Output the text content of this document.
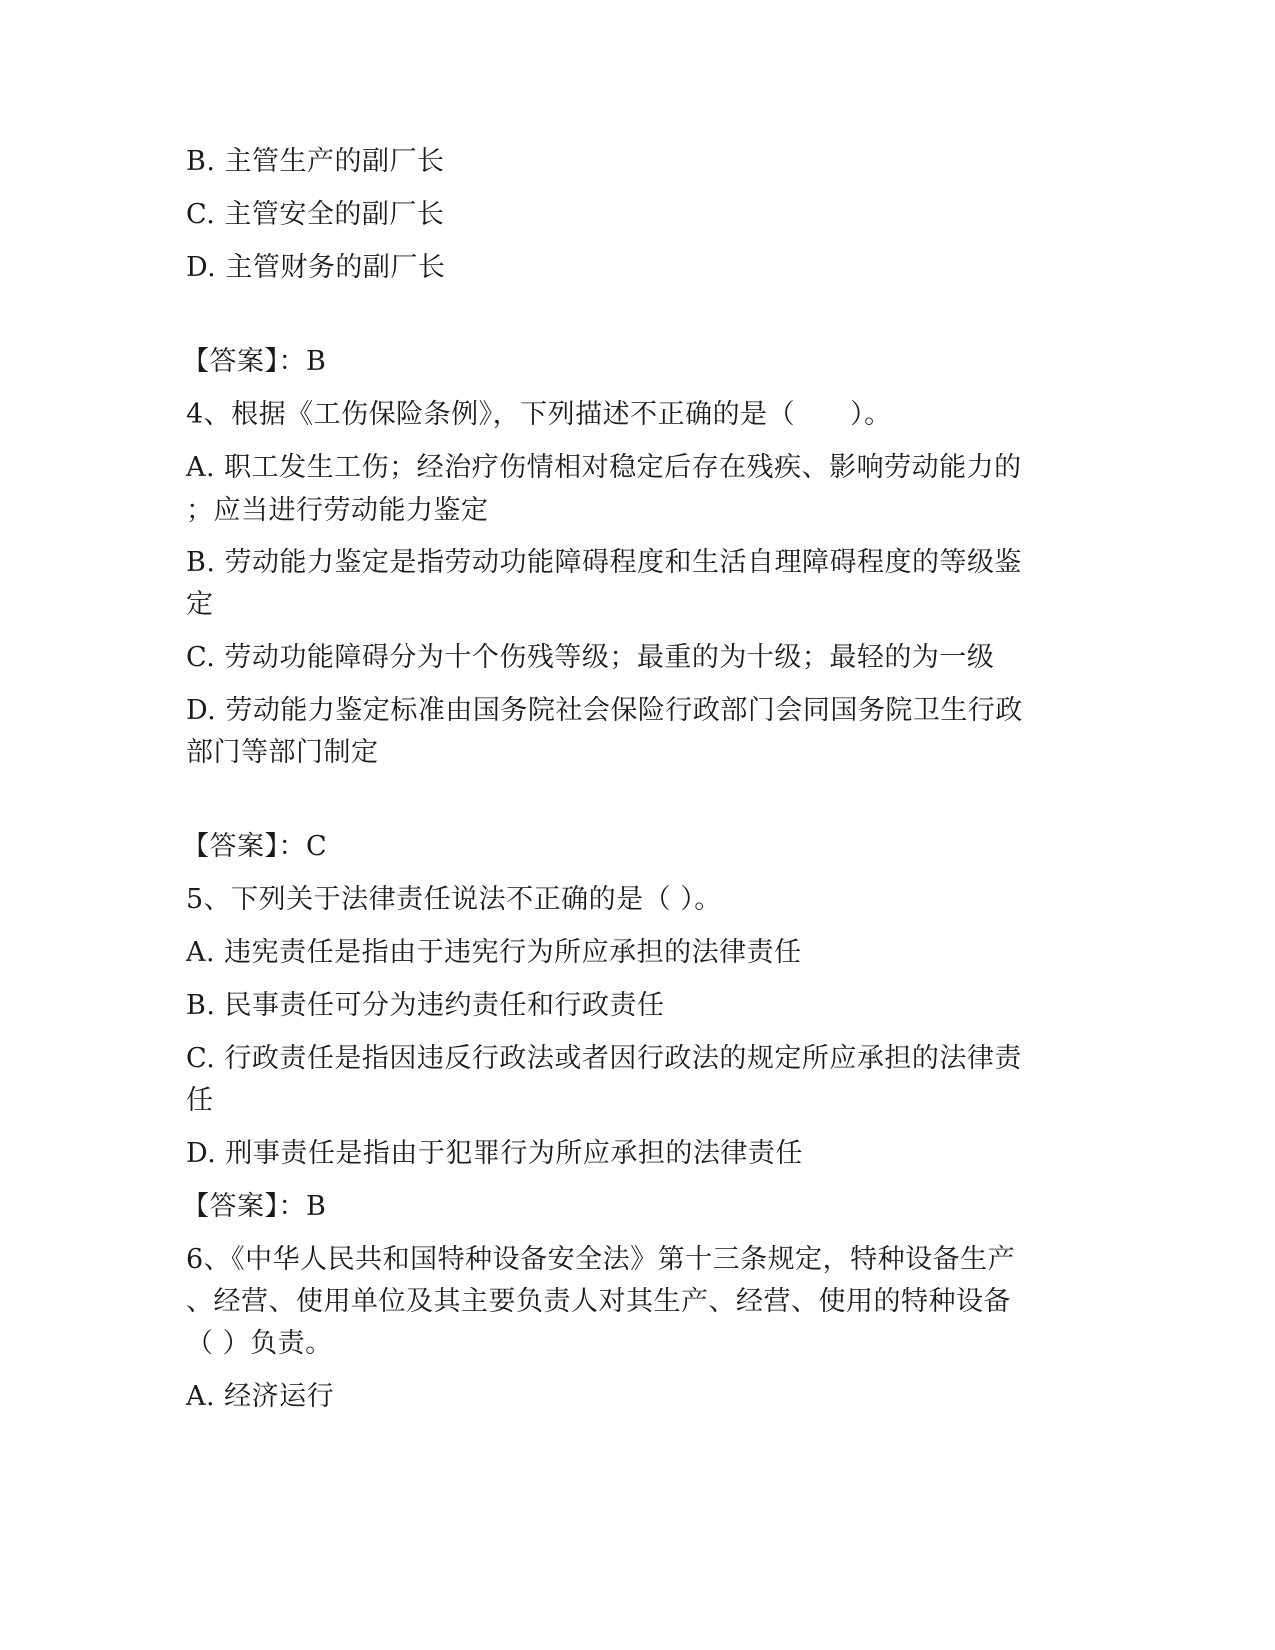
B. 主管生产的副厂长
C. 主管安全的副厂长
D. 主管财务的副厂长
【答案】：B
4、根据《工伤保险条例》，下列描述不正确的是（　　）。
A. 职工发生工伤；经治疗伤情相对稳定后存在残疾、影响劳动能力的
；应当进行劳动能力鉴定
B. 劳动能力鉴定是指劳动功能障碍程度和生活自理障碍程度的等级鉴
定
C. 劳动功能障碍分为十个伤残等级；最重的为十级；最轻的为一级
D. 劳动能力鉴定标准由国务院社会保险行政部门会同国务院卫生行政
部门等部门制定
【答案】：C
5、下列关于法律责任说法不正确的是（ ）。
A. 违宪责任是指由于违宪行为所应承担的法律责任
B. 民事责任可分为违约责任和行政责任
C. 行政责任是指因违反行政法或者因行政法的规定所应承担的法律责
任
D. 刑事责任是指由于犯罪行为所应承担的法律责任
【答案】：B
6、《中华人民共和国特种设备安全法》第十三条规定，特种设备生产
、经营、使用单位及其主要负责人对其生产、经营、使用的特种设备
（ ）负责。
A. 经济运行
